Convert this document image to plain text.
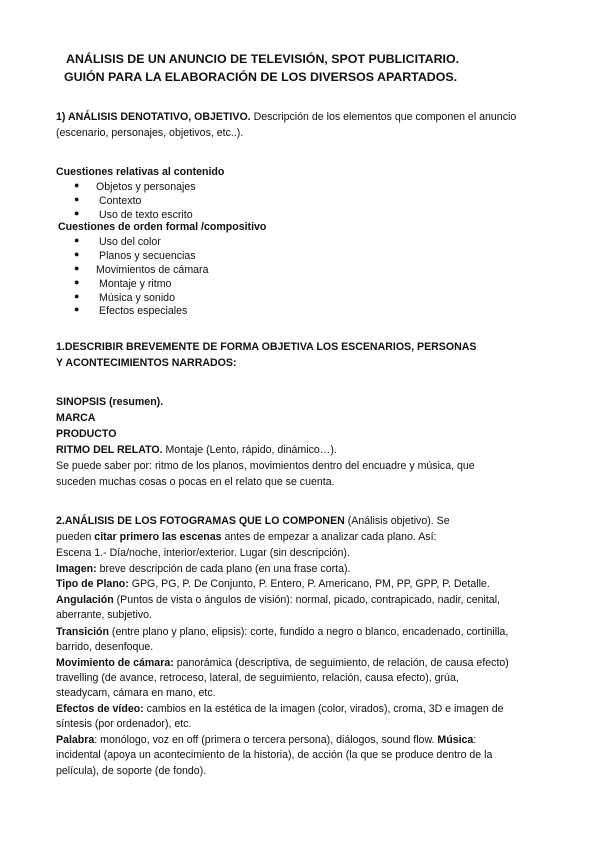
ANÁLISIS DE UN ANUNCIO DE TELEVISIÓN, SPOT PUBLICITARIO.
GUIÓN PARA LA ELABORACIÓN DE LOS DIVERSOS APARTADOS.
1) ANÁLISIS DENOTATIVO, OBJETIVO. Descripción de los elementos que componen el anuncio
(escenario, personajes, objetivos, etc..).
Cuestiones relativas al contenido
● Objetos y personajes
● Contexto
● Uso de texto escrito
Cuestiones de orden formal /compositivo
● Uso del color
● Planos y secuencias
● Movimientos de cámara
● Montaje y ritmo
● Música y sonido
● Efectos especiales
1.DESCRIBIR BREVEMENTE DE FORMA OBJETIVA LOS ESCENARIOS, PERSONAS
Y ACONTECIMIENTOS NARRADOS:
SINOPSIS (resumen).
MARCA
PRODUCTO
RITMO DEL RELATO. Montaje (Lento, rápido, dinámico…).
Se puede saber por: ritmo de los planos, movimientos dentro del encuadre y música, que
suceden muchas cosas o pocas en el relato que se cuenta.
2.ANÁLISIS DE LOS FOTOGRAMAS QUE LO COMPONEN (Análisis objetivo). Se
pueden citar primero las escenas antes de empezar a analizar cada plano. Así:
Escena 1.- Día/noche, interior/exterior. Lugar (sin descripción).
Imagen: breve descripción de cada plano (en una frase corta).
Tipo de Plano: GPG, PG, P. De Conjunto, P. Entero, P. Americano, PM, PP, GPP, P. Detalle.
Angulación (Puntos de vista o ángulos de visión): normal, picado, contrapicado, nadir, cenital,
aberrante, subjetivo.
Transición (entre plano y plano, elipsis): corte, fundido a negro o blanco, encadenado, cortinilla,
barrido, desenfoque.
Movimiento de cámara: panorámica (descriptiva, de seguimiento, de relación, de causa efecto)
travelling (de avance, retroceso, lateral, de seguimiento, relación, causa efecto), grúa,
steadycam, cámara en mano, etc.
Efectos de vídeo: cambios en la estética de la imagen (color, virados), croma, 3D e imagen de
síntesis (por ordenador), etc.
Palabra: monólogo, voz en off (primera o tercera persona), diálogos, sound flow. Música:
incidental (apoya un acontecimiento de la historia), de acción (la que se produce dentro de la
película), de soporte (de fondo).
